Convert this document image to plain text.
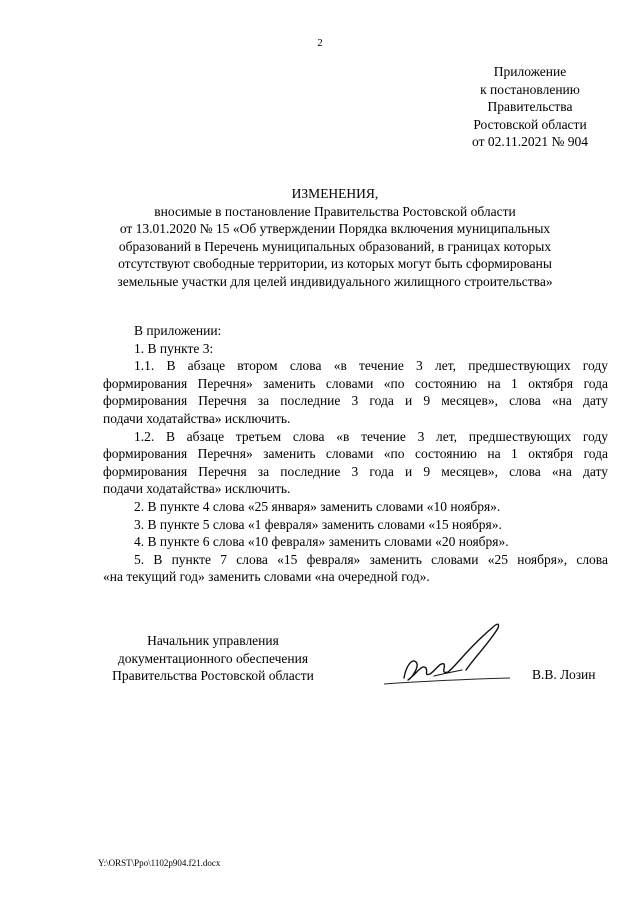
2
Приложение
к постановлению
Правительства
Ростовской области
от 02.11.2021 № 904
ИЗМЕНЕНИЯ,
вносимые в постановление Правительства Ростовской области
от 13.01.2020 № 15 «Об утверждении Порядка включения муниципальных
образований в Перечень муниципальных образований, в границах которых
отсутствуют свободные территории, из которых могут быть сформированы
земельные участки для целей индивидуального жилищного строительства»

В приложении:

1. В пункте 3:

1.1. В абзаце втором слова «в течение 3 лет, предшествующих году

формирования Перечня» заменить словами «по состоянию на 1 октября года

формирования Перечня за последние 3 года и 9 месяцев», слова «на дату

подачи ходатайства» исключить.

1.2. В абзаце третьем слова «в течение 3 лет, предшествующих году

формирования Перечня» заменить словами «по состоянию на 1 октября года

формирования Перечня за последние 3 года и 9 месяцев», слова «на дату

подачи ходатайства» исключить.

2. В пункте 4 слова «25 января» заменить словами «10 ноября».

3. В пункте 5 слова «1 февраля» заменить словами «15 ноября».

4. В пункте 6 слова «10 февраля» заменить словами «20 ноября».

5. В пункте 7 слова «15 февраля» заменить словами «25 ноября», слова

«на текущий год» заменить словами «на очередной год».

Начальник управления
документационного обеспечения
Правительства Ростовской области	В.В. Лозин
Y:\ORST\Ppo\1102p904.f21.docx
